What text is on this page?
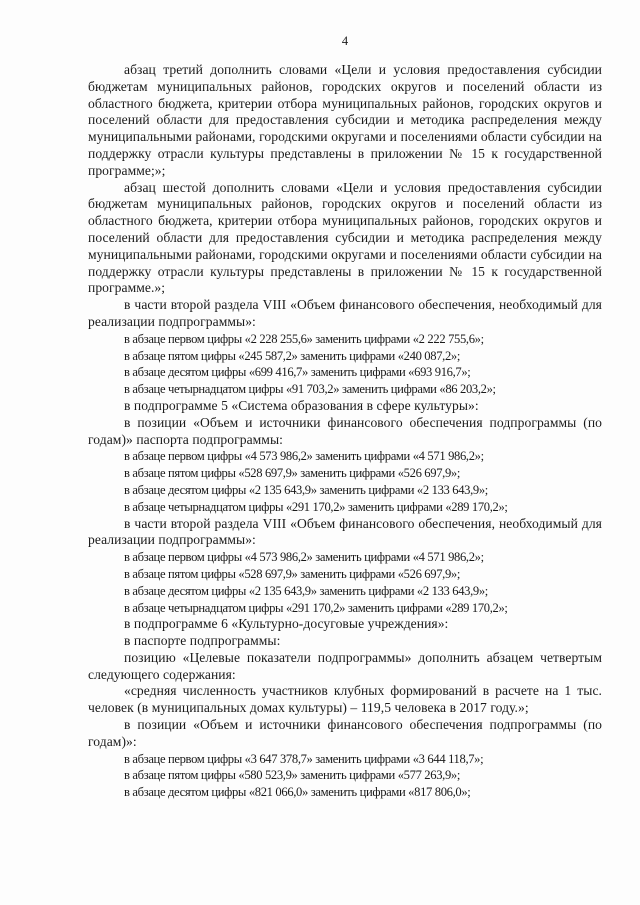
4

абзац третий дополнить словами «Цели и условия предоставления субсидии бюджетам муниципальных районов, городских округов и поселений области из областного бюджета, критерии отбора муниципальных районов, городских округов и поселений области для предоставления субсидии и методика распределения между муниципальными районами, городскими округами и поселениями области субсидии на поддержку отрасли культуры представлены в приложении № 15 к государственной программе;»;

абзац шестой дополнить словами «Цели и условия предоставления субсидии бюджетам муниципальных районов, городских округов и поселений области из областного бюджета, критерии отбора муниципальных районов, городских округов и поселений области для предоставления субсидии и методика распределения между муниципальными районами, городскими округами и поселениями области субсидии на поддержку отрасли культуры представлены в приложении № 15 к государственной программе.»;

в части второй раздела VIII «Объем финансового обеспечения, необходимый для реализации подпрограммы»:

в абзаце первом цифры «2 228 255,6» заменить цифрами «2 222 755,6»;

в абзаце пятом цифры «245 587,2» заменить цифрами «240 087,2»;

в абзаце десятом цифры «699 416,7» заменить цифрами «693 916,7»;

в абзаце четырнадцатом цифры «91 703,2» заменить цифрами «86 203,2»;

в подпрограмме 5 «Система образования в сфере культуры»:

в позиции «Объем и источники финансового обеспечения подпрограммы (по годам)» паспорта подпрограммы:

в абзаце первом цифры «4 573 986,2» заменить цифрами «4 571 986,2»;

в абзаце пятом цифры «528 697,9» заменить цифрами «526 697,9»;

в абзаце десятом цифры «2 135 643,9» заменить цифрами «2 133 643,9»;

в абзаце четырнадцатом цифры «291 170,2» заменить цифрами «289 170,2»;

в части второй раздела VIII «Объем финансового обеспечения, необходимый для реализации подпрограммы»:

в абзаце первом цифры «4 573 986,2» заменить цифрами «4 571 986,2»;

в абзаце пятом цифры «528 697,9» заменить цифрами «526 697,9»;

в абзаце десятом цифры «2 135 643,9» заменить цифрами «2 133 643,9»;

в абзаце четырнадцатом цифры «291 170,2» заменить цифрами «289 170,2»;

в подпрограмме 6 «Культурно-досуговые учреждения»:

в паспорте подпрограммы:

позицию «Целевые показатели подпрограммы» дополнить абзацем четвертым следующего содержания:

«средняя численность участников клубных формирований в расчете на 1 тыс. человек (в муниципальных домах культуры) – 119,5 человека в 2017 году.»;

в позиции «Объем и источники финансового обеспечения подпрограммы (по годам)»:

в абзаце первом цифры «3 647 378,7» заменить цифрами «3 644 118,7»;

в абзаце пятом цифры «580 523,9» заменить цифрами «577 263,9»;

в абзаце десятом цифры «821 066,0» заменить цифрами «817 806,0»;
